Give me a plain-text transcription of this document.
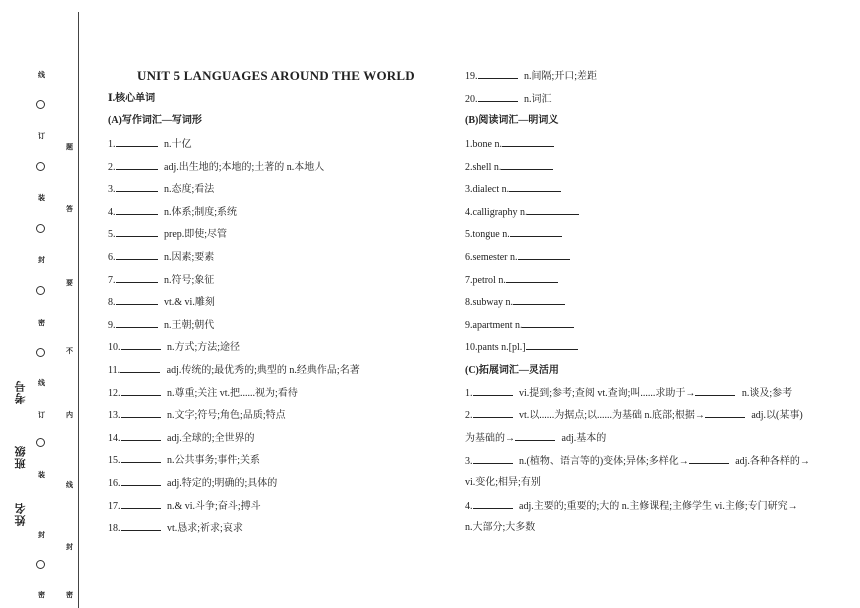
线
订
装
封
密
线
订
装
封
密
题
答
要
不
内
线
封
密
考号
班级
姓名
UNIT 5 LANGUAGES AROUND THE WORLD
Ⅰ.核心单词
(A)写作词汇—写词形
1.	n.十亿
2.	adj.出生地的;本地的;土著的 n.本地人
3.	n.态度;看法
4.	n.体系;制度;系统
5.	prep.即使;尽管
6.	n.因素;要素
7.	n.符号;象征
8.	vt.& vi.雕刻
9.	n.王朝;朝代
10.	n.方式;方法;途径
11.	adj.传统的;最优秀的;典型的 n.经典作品;名著
12.	n.尊重;关注 vt.把......视为;看待
13.	n.文字;符号;角色;品质;特点
14.	adj.全球的;全世界的
15.	n.公共事务;事件;关系
16.	adj.特定的;明确的;具体的
17.	n.& vi.斗争;奋斗;搏斗
18.	vt.恳求;祈求;哀求
19.	n.间隔;开口;差距
20.	n.词汇
(B)阅读词汇—明词义
1.bone n.
2.shell n.
3.dialect n.
4.calligraphy n.
5.tongue n.
6.semester n.
7.petrol n.
8.subway n.
9.apartment n.
10.pants n.[pl.]
(C)拓展词汇—灵活用
1.	vi.提到;参考;查阅 vt.查询;叫......求助于→	n.谈及;参考
2.	vt.以......为据点;以......为基础 n.底部;根据→	adj.以(某事)
为基础的→	adj.基本的
3.	n.(植物、语言等的)变体;异体;多样化→	adj.各种各样的→
vi.变化;相异;有别
4.	adj.主要的;重要的;大的 n.主修课程;主修学生 vi.主修;专门研究→
n.大部分;大多数
